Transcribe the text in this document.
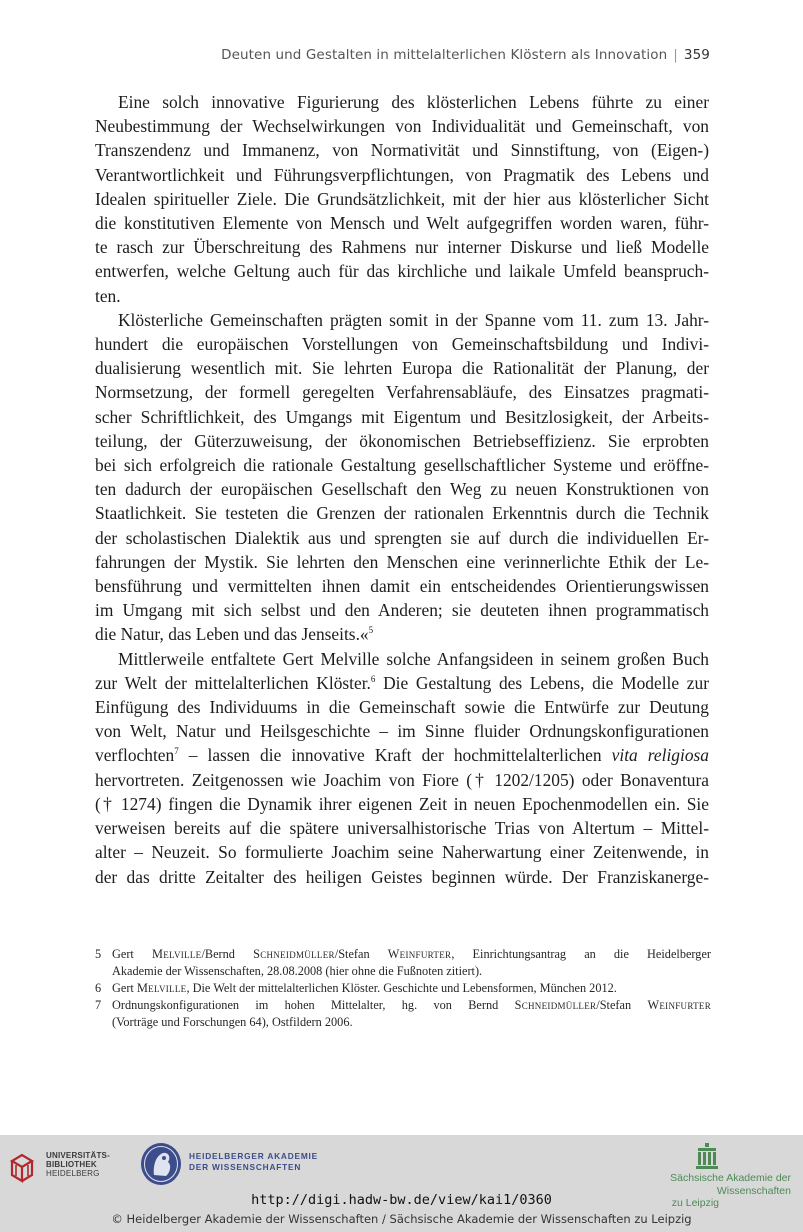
Deuten und Gestalten in mittelalterlichen Klöstern als Innovation | 359
Eine solch innovative Figurierung des klösterlichen Lebens führte zu einer
Neubestimmung der Wechselwirkungen von Individualität und Gemeinschaft, von
Transzendenz und Immanenz, von Normativität und Sinnstiftung, von (Eigen-)
Verantwortlichkeit und Führungsverpflichtungen, von Pragmatik des Lebens und
Idealen spiritueller Ziele. Die Grundsätzlichkeit, mit der hier aus klösterlicher Sicht
die konstitutiven Elemente von Mensch und Welt aufgegriffen worden waren, führ-
te rasch zur Überschreitung des Rahmens nur interner Diskurse und ließ Modelle
entwerfen, welche Geltung auch für das kirchliche und laikale Umfeld beanspruch-
ten.
Klösterliche Gemeinschaften prägten somit in der Spanne vom 11. zum 13. Jahr-
hundert die europäischen Vorstellungen von Gemeinschaftsbildung und Indivi-
dualisierung wesentlich mit. Sie lehrten Europa die Rationalität der Planung, der
Normsetzung, der formell geregelten Verfahrensabläufe, des Einsatzes pragmati-
scher Schriftlichkeit, des Umgangs mit Eigentum und Besitzlosigkeit, der Arbeits-
teilung, der Güterzuweisung, der ökonomischen Betriebseffizienz. Sie erprobten
bei sich erfolgreich die rationale Gestaltung gesellschaftlicher Systeme und eröffne-
ten dadurch der europäischen Gesellschaft den Weg zu neuen Konstruktionen von
Staatlichkeit. Sie testeten die Grenzen der rationalen Erkenntnis durch die Technik
der scholastischen Dialektik aus und sprengten sie auf durch die individuellen Er-
fahrungen der Mystik. Sie lehrten den Menschen eine verinnerlichte Ethik der Le-
bensführung und vermittelten ihnen damit ein entscheidendes Orientierungswissen
im Umgang mit sich selbst und den Anderen; sie deuteten ihnen programmatisch
die Natur, das Leben und das Jenseits.«$^5$
Mittlerweile entfaltete Gert Melville solche Anfangsideen in seinem großen Buch
zur Welt der mittelalterlichen Klöster.$^6$ Die Gestaltung des Lebens, die Modelle zur
Einfügung des Individuums in die Gemeinschaft sowie die Entwürfe zur Deutung
von Welt, Natur und Heilsgeschichte – im Sinne fluider Ordnungskonfigurationen
verflochten$^7$ – lassen die innovative Kraft der hochmittelalterlichen vita religiosa
hervortreten. Zeitgenossen wie Joachim von Fiore († 1202/1205) oder Bonaventura
(† 1274) fingen die Dynamik ihrer eigenen Zeit in neuen Epochenmodellen ein. Sie
verweisen bereits auf die spätere universalhistorische Trias von Altertum – Mittel-
alter – Neuzeit. So formulierte Joachim seine Naherwartung einer Zeitenwende, in
der das dritte Zeitalter des heiligen Geistes beginnen würde. Der Franziskanerge-
5 Gert Melville/Bernd Schneidmüller/Stefan Weinfurter, Einrichtungsantrag an die Heidelberger
Akademie der Wissenschaften, 28.08.2008 (hier ohne die Fußnoten zitiert).
6 Gert Melville, Die Welt der mittelalterlichen Klöster. Geschichte und Lebensformen, München 2012.
7 Ordnungskonfigurationen im hohen Mittelalter, hg. von Bernd Schneidmüller/Stefan Weinfurter
(Vorträge und Forschungen 64), Ostfildern 2006.
UNIVERSITÄTS-
BIBLIOTHEK
HEIDELBERG
HEIDELBERGER AKADEMIE
DER WISSENSCHAFTEN
Sächsische Akademie der Wissenschaften
zu Leipzig
http://digi.hadw-bw.de/view/kai1/0360
© Heidelberger Akademie der Wissenschaften / Sächsische Akademie der Wissenschaften zu Leipzig
